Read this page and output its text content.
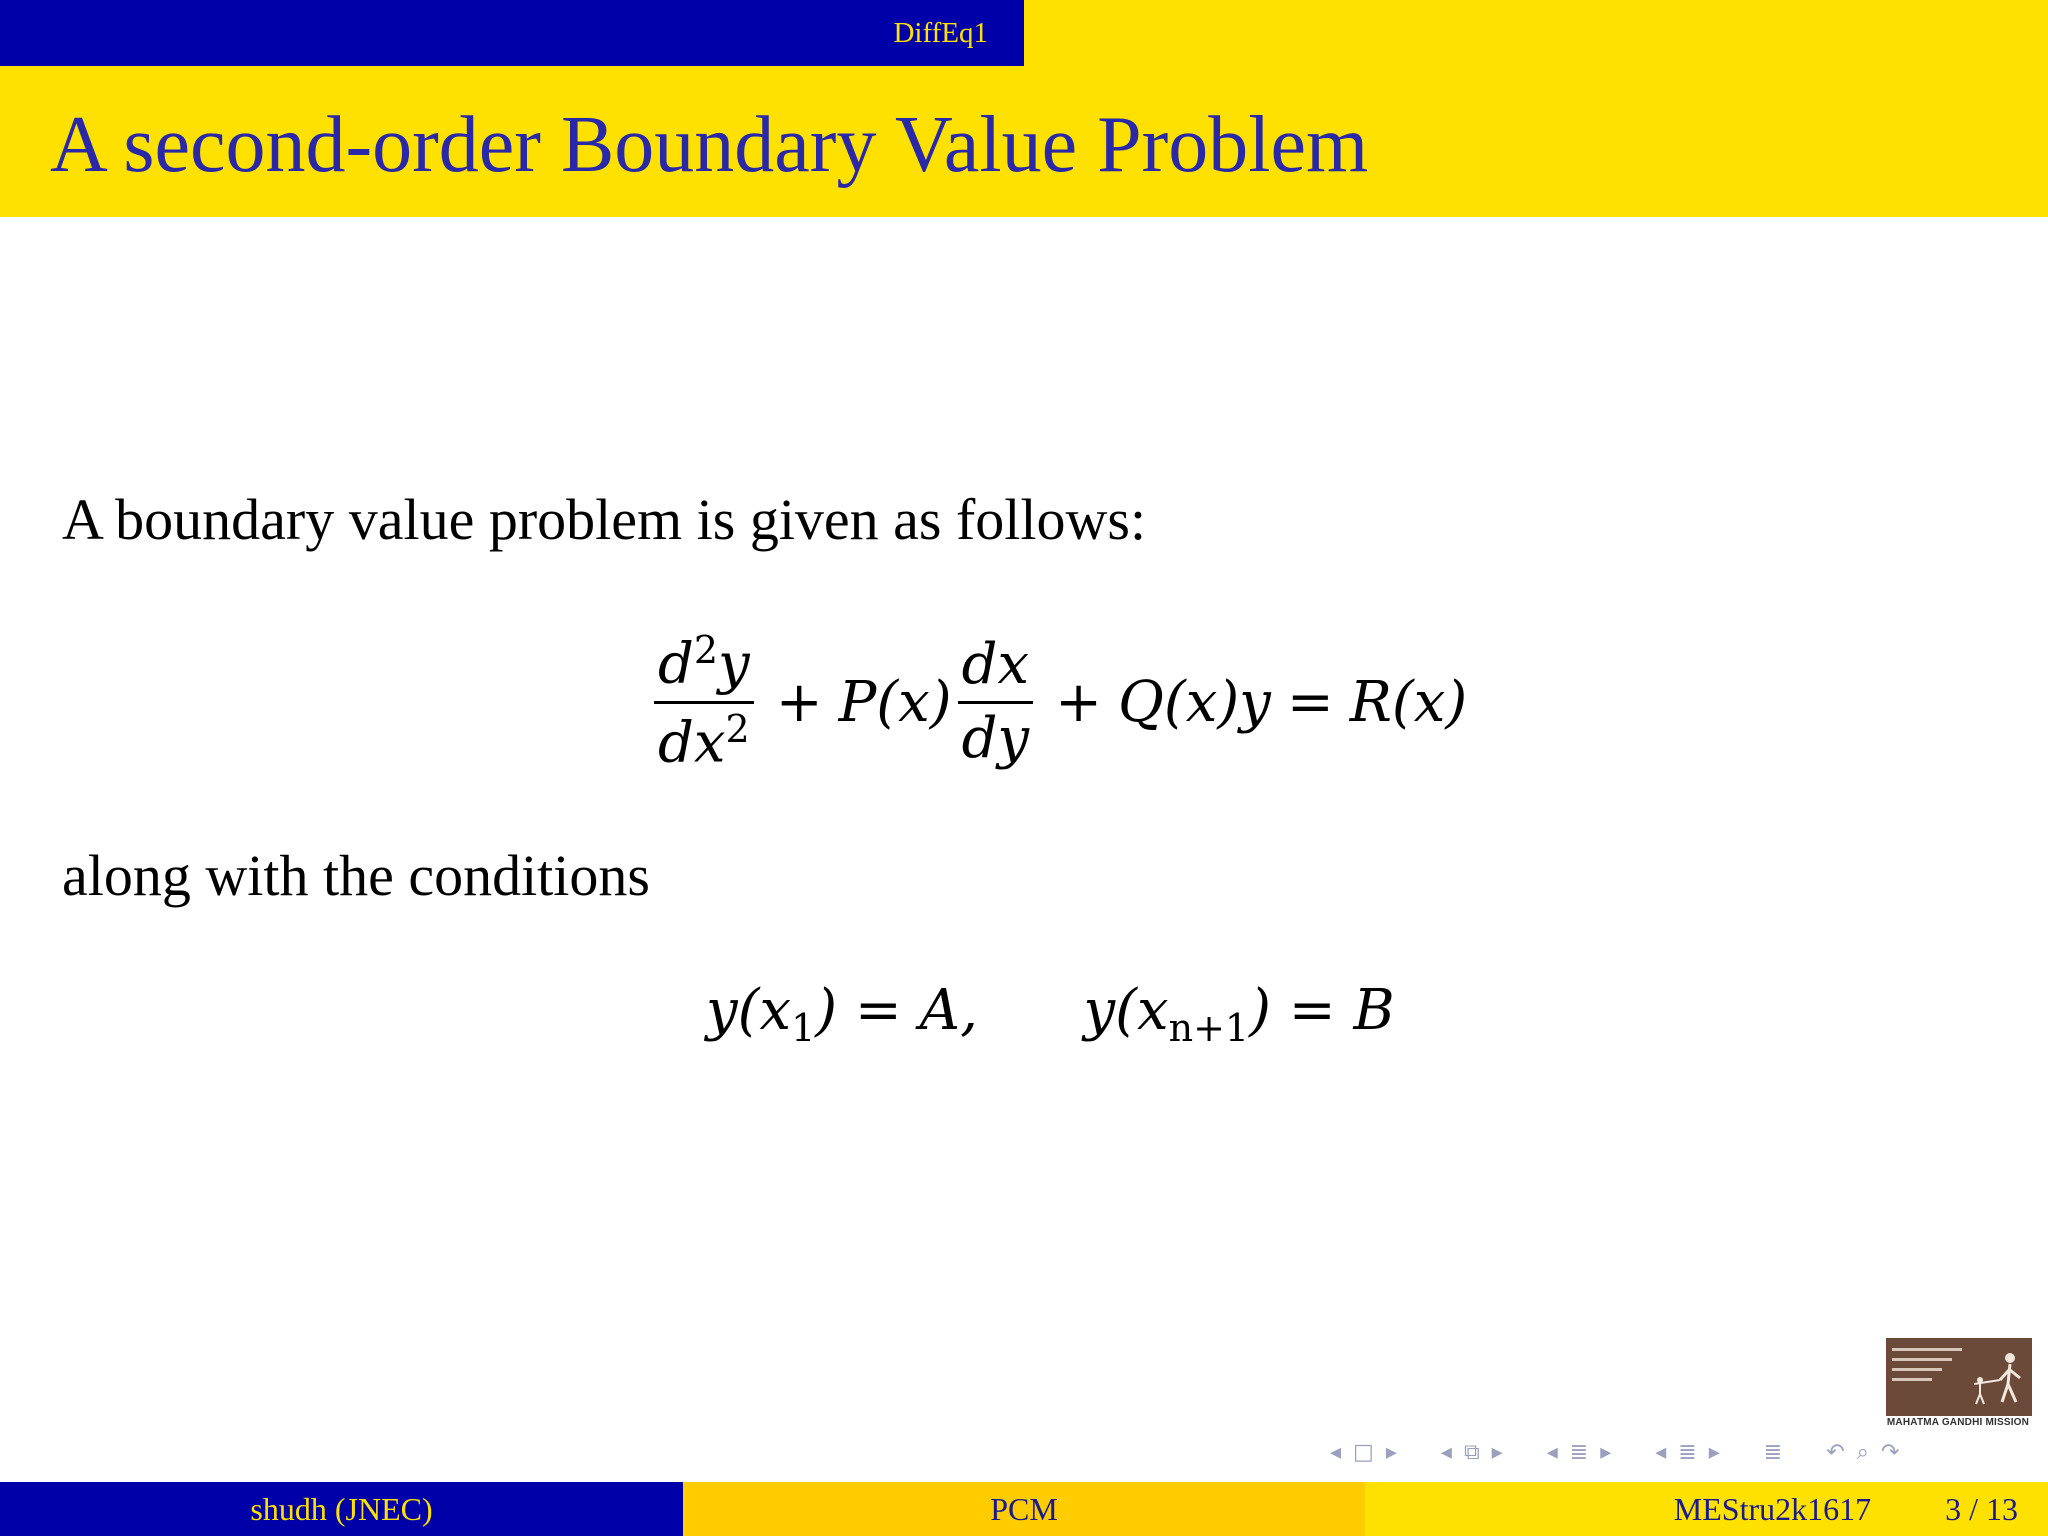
DiffEq1
A second-order Boundary Value Problem
A boundary value problem is given as follows:
$\frac{d^2y}{dx^2} + P(x) \frac{dx}{dy} + Q(x)y = R(x)$
along with the conditions
$y(x_1) = A$, $y(x_{n+1}) = B$
MAHATMA GANDHI MISSION
◂ □ ▸ ◂ ⧉ ▸ ◂ ≣ ▸ ◂ ≣ ▸ ≣ ↶ ⌕ ↷
shudh (JNEC)	PCM	MEStru2k1617 3 / 13
